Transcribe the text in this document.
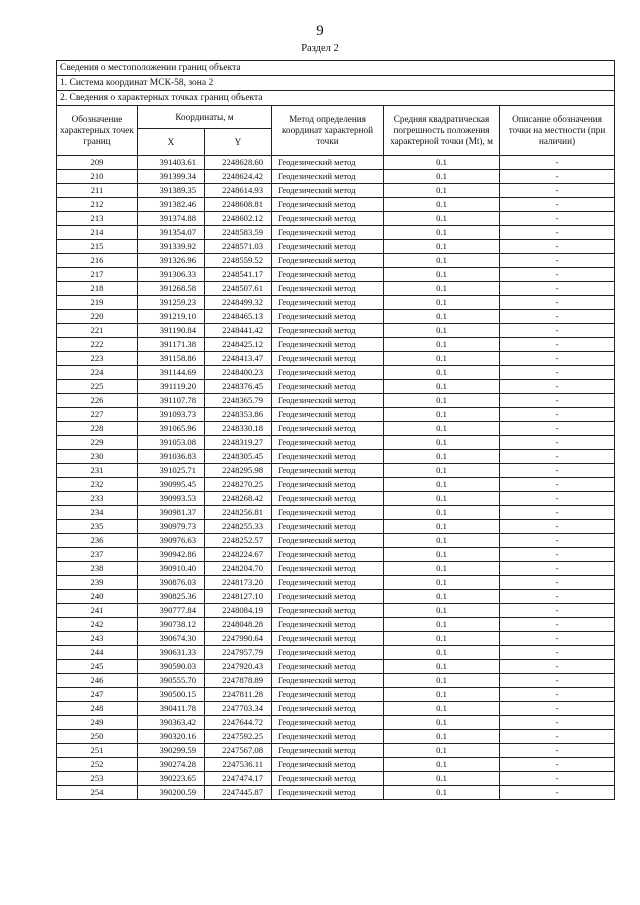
9
Раздел 2
Сведения о местоположении границ объекта					
1. Система координат МСК-58, зона 2					
2. Сведения о характерных точках границ объекта					
Обозначение характерных точек границ	Координаты, м		Метод определения координат характерной точки	Средняя квадратическая погрешность положения характерной точки (Mt), м	Описание обозначения точки на местности (при наличии)
	X	Y			
209	391403.61	2248628.60	Геодезический метод	0.1	-
210	391399.34	2248624.42	Геодезический метод	0.1	-
211	391389.35	2248614.93	Геодезический метод	0.1	-
212	391382.46	2248608.81	Геодезический метод	0.1	-
213	391374.88	2248602.12	Геодезический метод	0.1	-
214	391354.07	2248583.59	Геодезический метод	0.1	-
215	391339.92	2248571.03	Геодезический метод	0.1	-
216	391326.96	2248559.52	Геодезический метод	0.1	-
217	391306.33	2248541.17	Геодезический метод	0.1	-
218	391268.58	2248507.61	Геодезический метод	0.1	-
219	391259.23	2248499.32	Геодезический метод	0.1	-
220	391219.10	2248465.13	Геодезический метод	0.1	-
221	391190.84	2248441.42	Геодезический метод	0.1	-
222	391171.38	2248425.12	Геодезический метод	0.1	-
223	391158.86	2248413.47	Геодезический метод	0.1	-
224	391144.69	2248400.23	Геодезический метод	0.1	-
225	391119.20	2248376.45	Геодезический метод	0.1	-
226	391107.78	2248365.79	Геодезический метод	0.1	-
227	391093.73	2248353.86	Геодезический метод	0.1	-
228	391065.96	2248330.18	Геодезический метод	0.1	-
229	391053.08	2248319.27	Геодезический метод	0.1	-
230	391036.83	2248305.45	Геодезический метод	0.1	-
231	391025.71	2248295.98	Геодезический метод	0.1	-
232	390995.45	2248270.25	Геодезический метод	0.1	-
233	390993.53	2248268.42	Геодезический метод	0.1	-
234	390981.37	2248256.81	Геодезический метод	0.1	-
235	390979.73	2248255.33	Геодезический метод	0.1	-
236	390976.63	2248252.57	Геодезический метод	0.1	-
237	390942.86	2248224.67	Геодезический метод	0.1	-
238	390910.40	2248204.70	Геодезический метод	0.1	-
239	390876.03	2248173.20	Геодезический метод	0.1	-
240	390825.36	2248127.10	Геодезический метод	0.1	-
241	390777.84	2248084.19	Геодезический метод	0.1	-
242	390738.12	2248048.28	Геодезический метод	0.1	-
243	390674.30	2247990.64	Геодезический метод	0.1	-
244	390631.33	2247957.79	Геодезический метод	0.1	-
245	390590.03	2247920.43	Геодезический метод	0.1	-
246	390555.70	2247878.89	Геодезический метод	0.1	-
247	390500.15	2247811.28	Геодезический метод	0.1	-
248	390411.78	2247703.34	Геодезический метод	0.1	-
249	390363.42	2247644.72	Геодезический метод	0.1	-
250	390320.16	2247592.25	Геодезический метод	0.1	-
251	390299.59	2247567.08	Геодезический метод	0.1	-
252	390274.28	2247536.11	Геодезический метод	0.1	-
253	390223.65	2247474.17	Геодезический метод	0.1	-
254	390200.59	2247445.87	Геодезический метод	0.1	-
